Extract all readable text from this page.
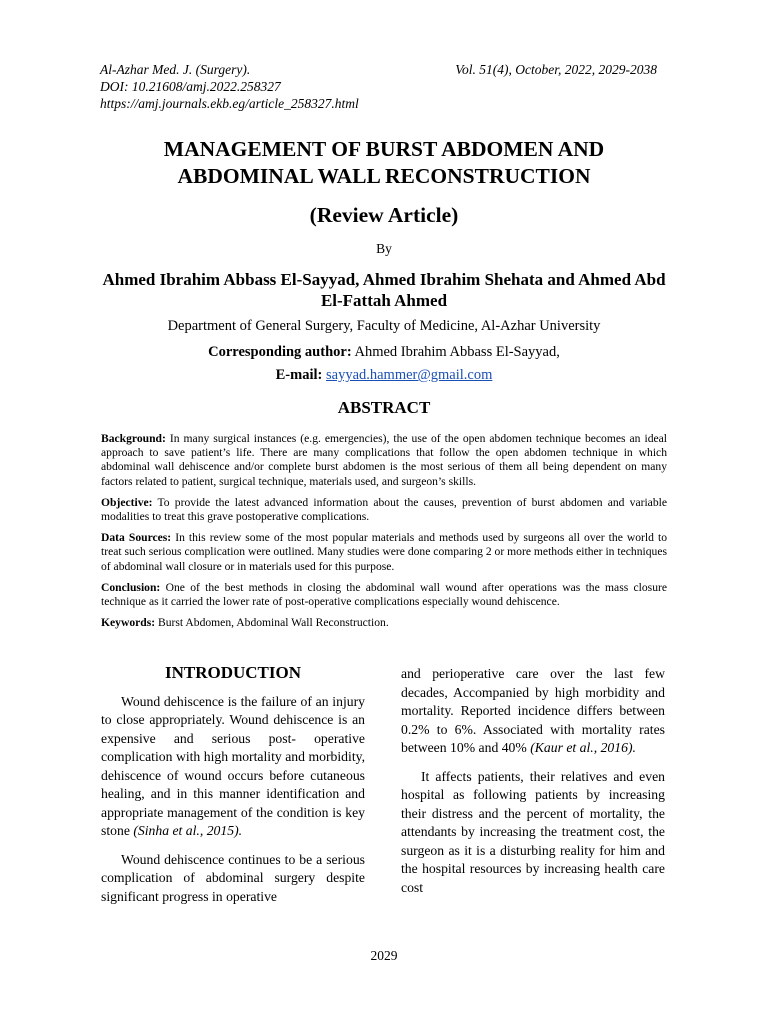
Al-Azhar Med. J. (Surgery).	Vol. 51(4), October, 2022, 2029-2038
DOI: 10.21608/amj.2022.258327
https://amj.journals.ekb.eg/article_258327.html
MANAGEMENT OF BURST ABDOMEN AND
ABDOMINAL WALL RECONSTRUCTION
(Review Article)
By
Ahmed Ibrahim Abbass El-Sayyad, Ahmed Ibrahim Shehata and Ahmed Abd El-Fattah Ahmed
Department of General Surgery, Faculty of Medicine, Al-Azhar University
Corresponding author: Ahmed Ibrahim Abbass El-Sayyad,
E-mail: sayyad.hammer@gmail.com
ABSTRACT

Background: In many surgical instances (e.g. emergencies), the use of the open abdomen technique becomes an ideal approach to save patient’s life. There are many complications that follow the open abdomen technique in which abdominal wall dehiscence and/or complete burst abdomen is the most serious of them all being dependent on many factors related to patient, surgical technique, materials used, and surgeon’s skills.

Objective: To provide the latest advanced information about the causes, prevention of burst abdomen and variable modalities to treat this grave postoperative complications.

Data Sources: In this review some of the most popular materials and methods used by surgeons all over the world to treat such serious complication were outlined. Many studies were done comparing 2 or more methods either in techniques of abdominal wall closure or in materials used for this purpose.

Conclusion: One of the best methods in closing the abdominal wall wound after operations was the mass closure technique as it carried the lower rate of post-operative complications especially wound dehiscence.

Keywords: Burst Abdomen, Abdominal Wall Reconstruction.

INTRODUCTION

Wound dehiscence is the failure of an injury to close appropriately. Wound dehiscence is an expensive and serious post- operative complication with high mortality and morbidity, dehiscence of wound occurs before cutaneous healing, and in this manner identification and appropriate management of the condition is key stone (Sinha et al., 2015).

Wound dehiscence continues to be a serious complication of abdominal surgery despite significant progress in operative

and perioperative care over the last few decades, Accompanied by high morbidity and mortality. Reported incidence differs between 0.2% to 6%. Associated with mortality rates between 10% and 40% (Kaur et al., 2016).

It affects patients, their relatives and even hospital as following patients by increasing their distress and the percent of mortality, the attendants by increasing the treatment cost, the surgeon as it is a disturbing reality for him and the hospital resources by increasing health care cost

2029
